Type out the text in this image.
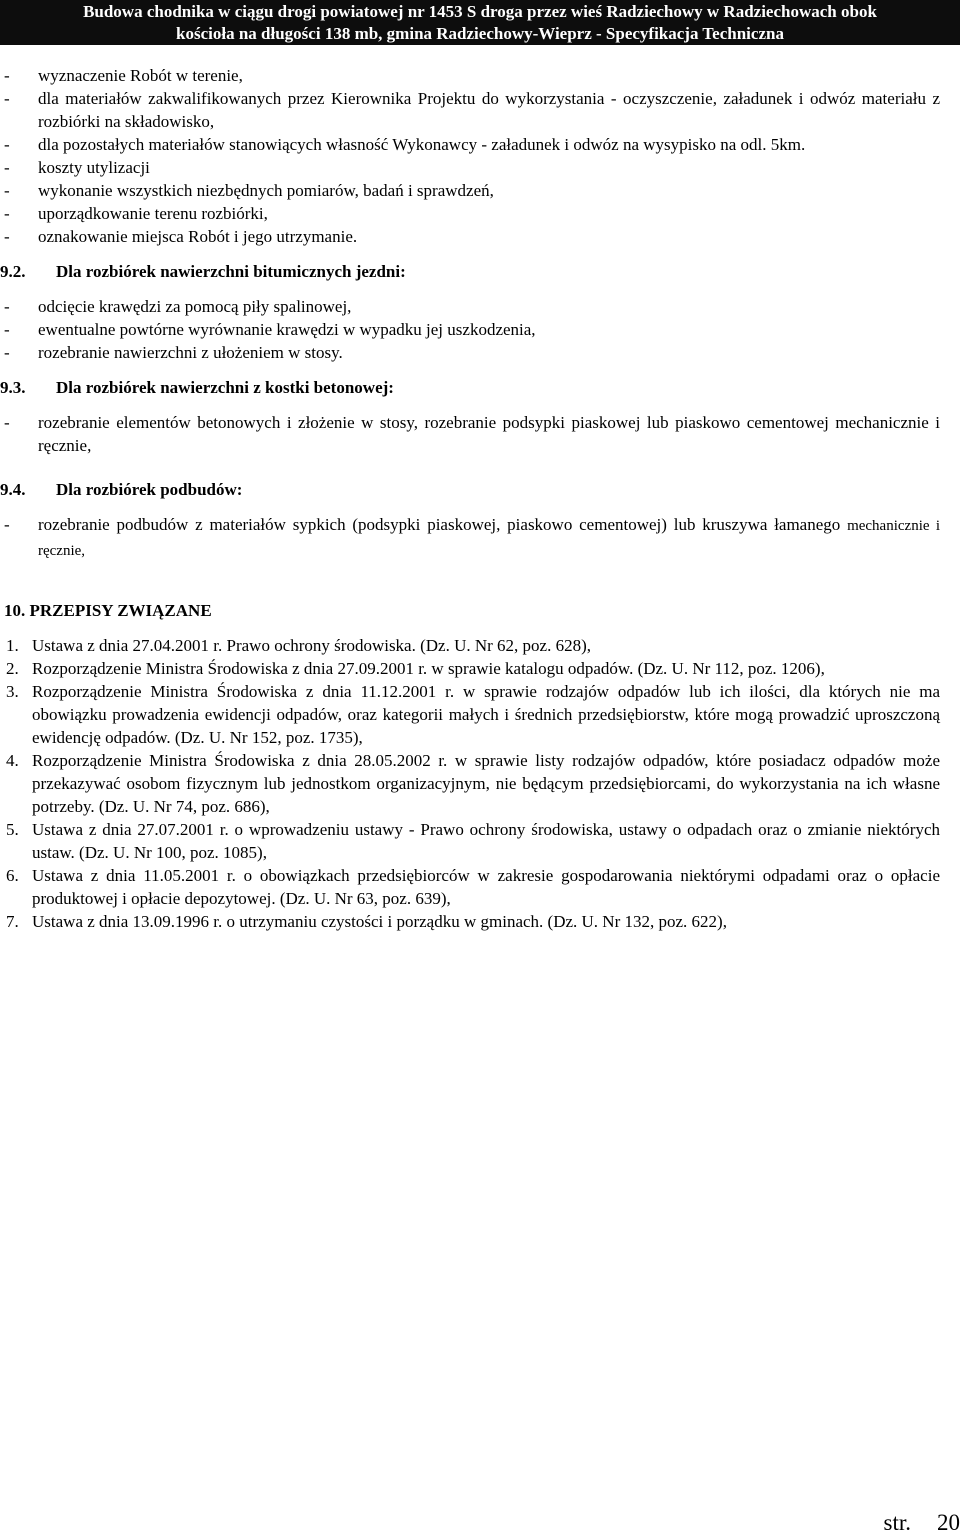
Budowa chodnika w ciągu drogi powiatowej nr 1453 S droga przez wieś Radziechowy w Radziechowach obok
kościoła na długości 138 mb, gmina Radziechowy-Wieprz - Specyfikacja Techniczna
- wyznaczenie Robót w terenie,
- dla materiałów zakwalifikowanych przez Kierownika Projektu do wykorzystania - oczyszczenie, załadunek i odwóz materiału z rozbiórki na składowisko,
- dla pozostałych materiałów stanowiących własność Wykonawcy - załadunek i odwóz na wysypisko na odl. 5km.
- koszty utylizacji
- wykonanie wszystkich niezbędnych pomiarów, badań i sprawdzeń,
- uporządkowanie terenu rozbiórki,
- oznakowanie miejsca Robót i jego utrzymanie.

9.2. Dla rozbiórek nawierzchni bitumicznych jezdni:

- odcięcie krawędzi za pomocą piły spalinowej,
- ewentualne powtórne wyrównanie krawędzi w wypadku jej uszkodzenia,
- rozebranie nawierzchni z ułożeniem w stosy.

9.3. Dla rozbiórek nawierzchni z kostki betonowej:

- rozebranie elementów betonowych i złożenie w stosy, rozebranie podsypki piaskowej lub piaskowo cementowej mechanicznie i ręcznie,

9.4. Dla rozbiórek podbudów:

- rozebranie podbudów z materiałów sypkich (podsypki piaskowej, piaskowo cementowej) lub kruszywa łamanego mechanicznie i ręcznie,

10. PRZEPISY ZWIĄZANE

1. Ustawa z dnia 27.04.2001 r. Prawo ochrony środowiska. (Dz. U. Nr 62, poz. 628),
2. Rozporządzenie Ministra Środowiska z dnia 27.09.2001 r. w sprawie katalogu odpadów. (Dz. U. Nr 112, poz. 1206),
3. Rozporządzenie Ministra Środowiska z dnia 11.12.2001 r. w sprawie rodzajów odpadów lub ich ilości, dla których nie ma obowiązku prowadzenia ewidencji odpadów, oraz kategorii małych i średnich przedsiębiorstw, które mogą prowadzić uproszczoną ewidencję odpadów. (Dz. U. Nr 152, poz. 1735),
4. Rozporządzenie Ministra Środowiska z dnia 28.05.2002 r. w sprawie listy rodzajów odpadów, które posiadacz odpadów może przekazywać osobom fizycznym lub jednostkom organizacyjnym, nie będącym przedsiębiorcami, do wykorzystania na ich własne potrzeby. (Dz. U. Nr 74, poz. 686),
5. Ustawa z dnia 27.07.2001 r. o wprowadzeniu ustawy - Prawo ochrony środowiska, ustawy o odpadach oraz o zmianie niektórych ustaw. (Dz. U. Nr 100, poz. 1085),
6. Ustawa z dnia 11.05.2001 r. o obowiązkach przedsiębiorców w zakresie gospodarowania niektórymi odpadami oraz o opłacie produktowej i opłacie depozytowej. (Dz. U. Nr 63, poz. 639),
7. Ustawa z dnia 13.09.1996 r. o utrzymaniu czystości i porządku w gminach. (Dz. U. Nr 132, poz. 622),
str. 20
